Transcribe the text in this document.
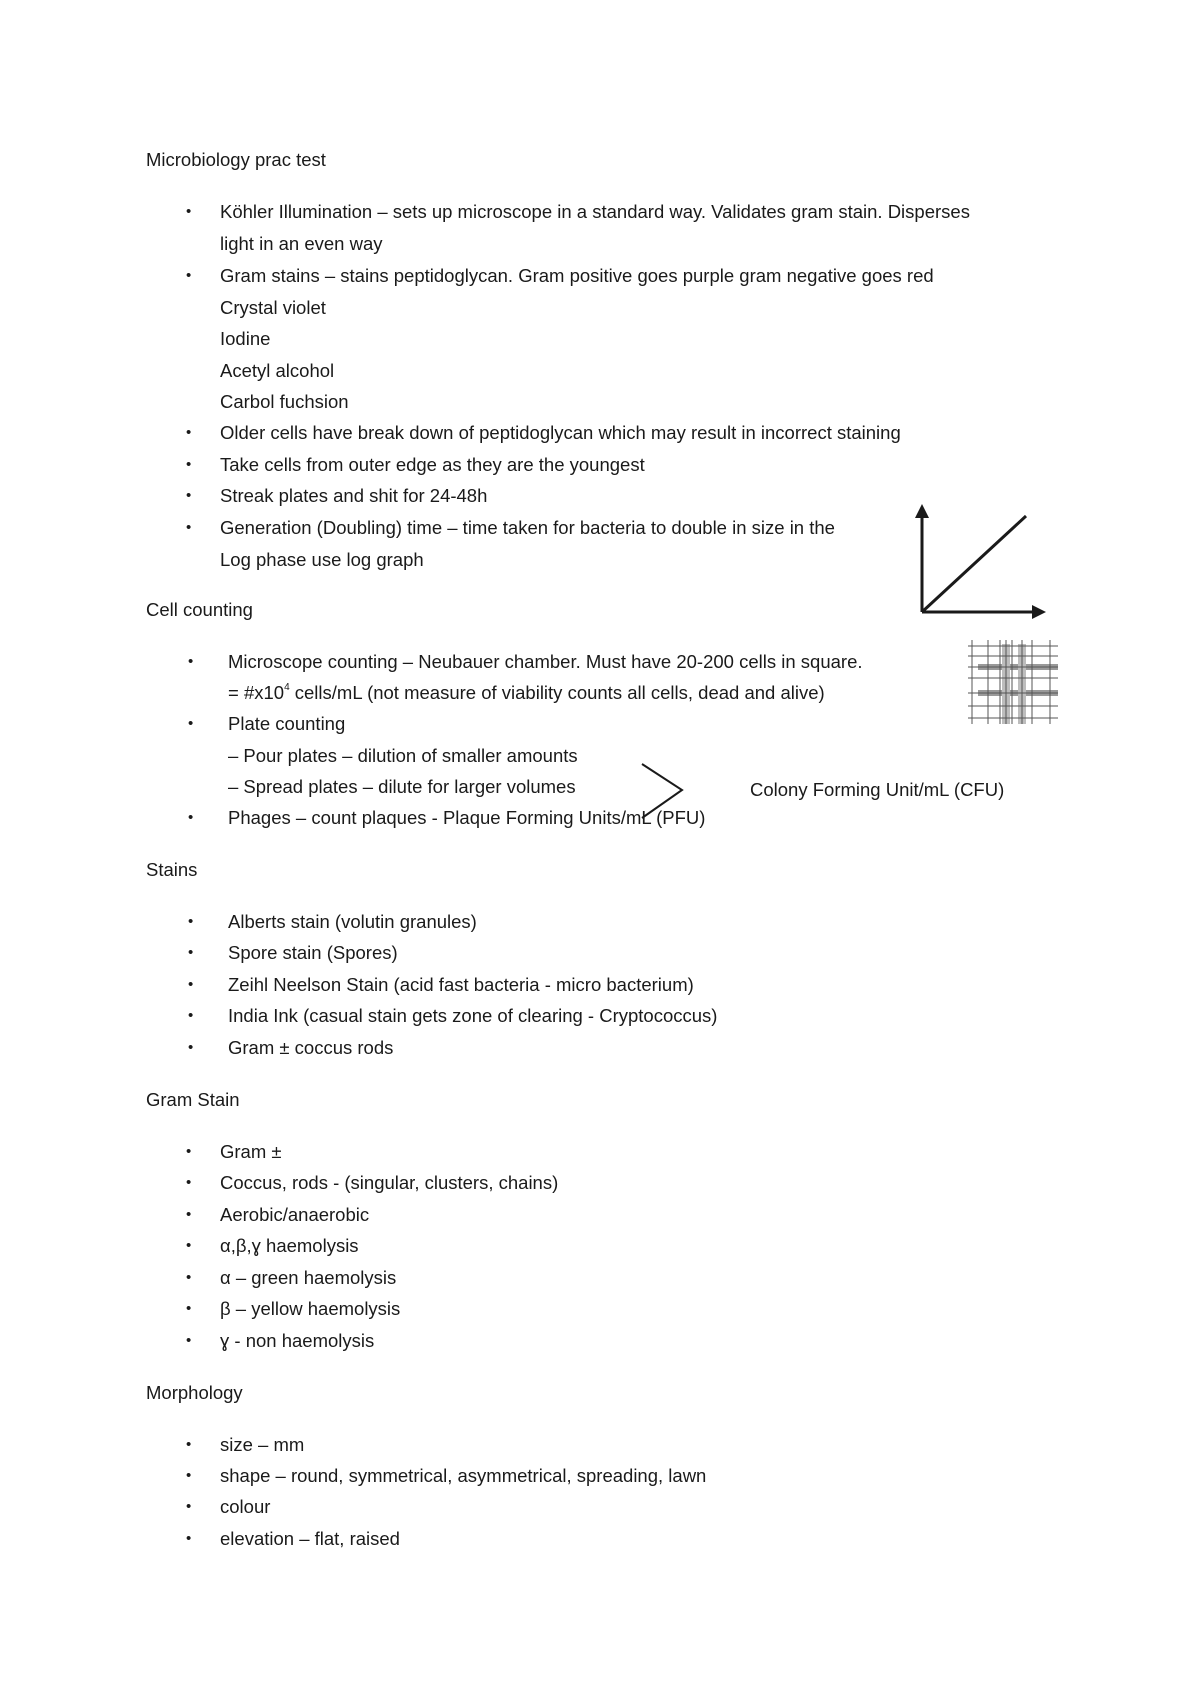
Microbiology prac test
• Köhler Illumination – sets up microscope in a standard way. Validates gram stain. Disperses
light in an even way
• Gram stains – stains peptidoglycan. Gram positive goes purple gram negative goes red
Crystal violet
Iodine
Acetyl alcohol
Carbol fuchsion
• Older cells have break down of peptidoglycan which may result in incorrect staining
• Take cells from outer edge as they are the youngest
• Streak plates and shit for 24-48h
• Generation (Doubling) time – time taken for bacteria to double in size in the
Log phase use log graph
Cell counting
• Microscope counting – Neubauer chamber. Must have 20-200 cells in square.
= $\#x10^4$ cells/mL (not measure of viability counts all cells, dead and alive)
• Plate counting
– Pour plates – dilution of smaller amounts
– Spread plates – dilute for larger volumes	Colony Forming Unit/mL (CFU)
• Phages – count plaques - Plaque Forming Units/mL (PFU)
Stains
• Alberts stain (volutin granules)
• Spore stain (Spores)
• Zeihl Neelson Stain (acid fast bacteria - micro bacterium)
• India Ink (casual stain gets zone of clearing - Cryptococcus)
• Gram ± coccus rods
Gram Stain
• Gram ±
• Coccus, rods - (singular, clusters, chains)
• Aerobic/anaerobic
• α,β,ɣ haemolysis
• α – green haemolysis
• β – yellow haemolysis
• ɣ - non haemolysis
Morphology
• size – mm
• shape – round, symmetrical, asymmetrical, spreading, lawn
• colour
• elevation – flat, raised
